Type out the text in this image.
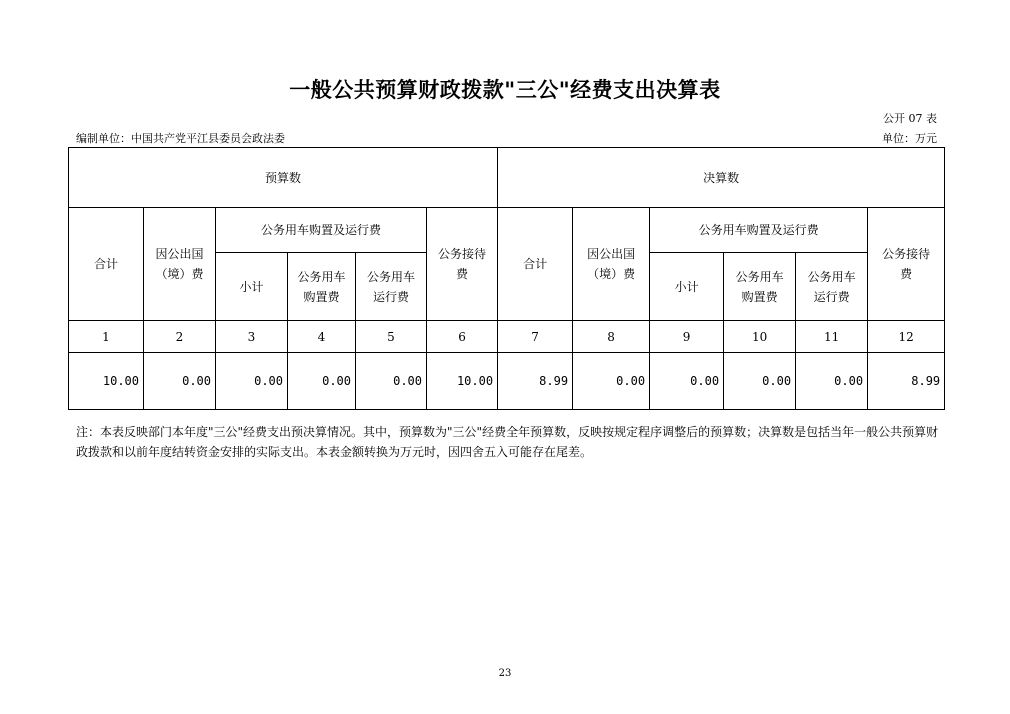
一般公共预算财政拨款"三公"经费支出决算表
公开 07 表
编制单位：中国共产党平江县委员会政法委	单位：万元
预算数						决算数					
合计	因公出国（境）费	公务用车购置及运行费			公务接待费	合计	因公出国（境）费	公务用车购置及运行费			公务接待费
		小计	公务用车购置费	公务用车运行费				小计	公务用车购置费	公务用车运行费	
1	2	3	4	5	6	7	8	9	10	11	12
10.00	0.00	0.00	0.00	0.00	10.00	8.99	0.00	0.00	0.00	0.00	8.99
注：本表反映部门本年度"三公"经费支出预决算情况。其中，预算数为"三公"经费全年预算数，反映按规定程序调整后的预算数；决算数是包括当年一般公共预算财政拨款和以前年度结转资金安排的实际支出。本表金额转换为万元时，因四舍五入可能存在尾差。
23
